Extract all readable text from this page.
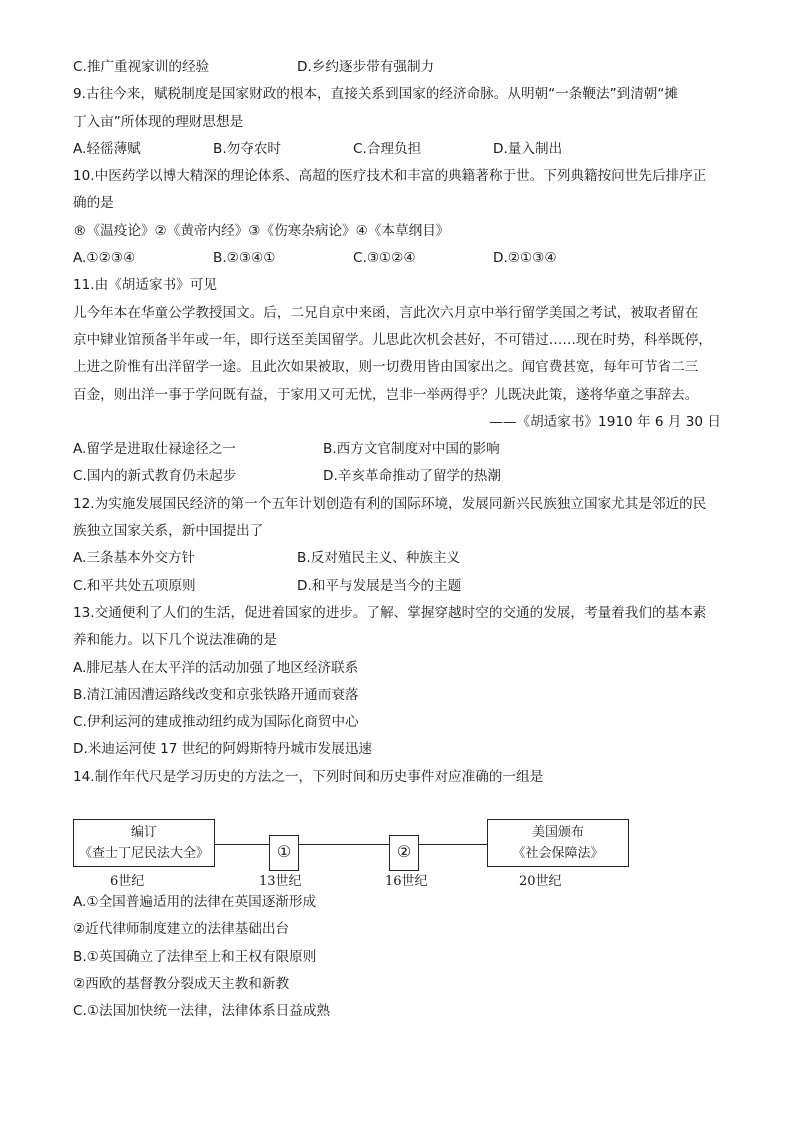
C.推广重视家训的经验	D.乡约逐步带有强制力
9.古往今来，赋税制度是国家财政的根本，直接关系到国家的经济命脉。从明朝“一条鞭法”到清朝“摊
丁入亩”所体现的理财思想是
A.轻徭薄赋	B.勿夺农时	C.合理负担	D.量入制出
10.中医药学以博大精深的理论体系、高超的医疗技术和丰富的典籍著称于世。下列典籍按问世先后排序正
确的是
®《温疫论》②《黄帝内经》③《伤寒杂病论》④《本草纲目》
A.①②③④	B.②③④①	C.③①②④	D.②①③④
11.由《胡适家书》可见
儿今年本在华童公学教授国文。后，二兄自京中来函，言此次六月京中举行留学美国之考试，被取者留在
京中肄业馆预备半年或一年，即行送至美国留学。儿思此次机会甚好，不可错过……现在时势，科举既停，
上进之阶惟有出洋留学一途。且此次如果被取，则一切费用皆由国家出之。闻官费甚宽，每年可节省二三
百金，则出洋一事于学问既有益，于家用又可无忧，岂非一举两得乎？儿既决此策，遂将华童之事辞去。
——《胡适家书》1910 年 6 月 30 日
A.留学是进取仕禄途径之一	B.西方文官制度对中国的影响
C.国内的新式教育仍未起步	D.辛亥革命推动了留学的热潮
12.为实施发展国民经济的第一个五年计划创造有利的国际环境，发展同新兴民族独立国家尤其是邻近的民
族独立国家关系，新中国提出了
A.三条基本外交方针	B.反对殖民主义、种族主义
C.和平共处五项原则	D.和平与发展是当今的主题
13.交通便利了人们的生活，促进着国家的进步。了解、掌握穿越时空的交通的发展，考量着我们的基本素
养和能力。以下几个说法准确的是
A.腓尼基人在太平洋的活动加强了地区经济联系
B.清江浦因漕运路线改变和京张铁路开通而衰落
C.伊利运河的建成推动纽约成为国际化商贸中心
D.米迪运河使 17 世纪的阿姆斯特丹城市发展迅速
14.制作年代尺是学习历史的方法之一，下列时间和历史事件对应准确的一组是
编订
《查士丁尼民法大全》	①	②
美国颁布
《社会保障法》
6世纪	13世纪	16世纪	20世纪
A.①全国普遍适用的法律在英国逐渐形成
②近代律师制度建立的法律基础出台
B.①英国确立了法律至上和王权有限原则
②西欧的基督教分裂成天主教和新教
C.①法国加快统一法律，法律体系日益成熟
